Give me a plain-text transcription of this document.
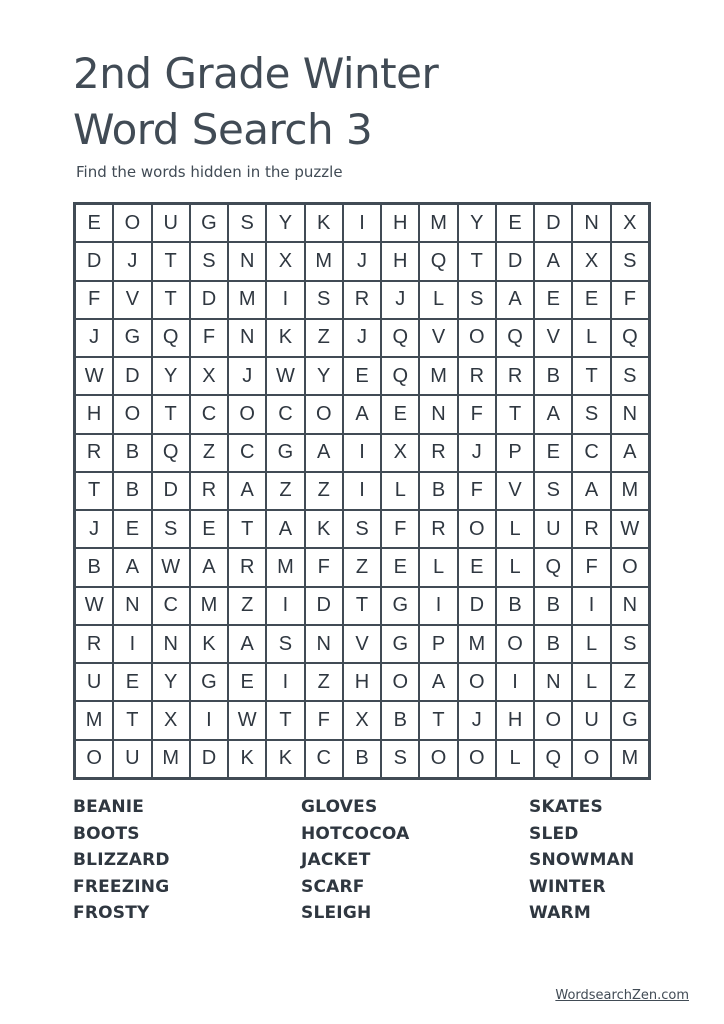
2nd Grade Winter
Word Search 3
Find the words hidden in the puzzle
E	O	U	G	S	Y	K	I	H	M	Y	E	D	N	X
D	J	T	S	N	X	M	J	H	Q	T	D	A	X	S
F	V	T	D	M	I	S	R	J	L	S	A	E	E	F
J	G	Q	F	N	K	Z	J	Q	V	O	Q	V	L	Q
W	D	Y	X	J	W	Y	E	Q	M	R	R	B	T	S
H	O	T	C	O	C	O	A	E	N	F	T	A	S	N
R	B	Q	Z	C	G	A	I	X	R	J	P	E	C	A
T	B	D	R	A	Z	Z	I	L	B	F	V	S	A	M
J	E	S	E	T	A	K	S	F	R	O	L	U	R	W
B	A	W	A	R	M	F	Z	E	L	E	L	Q	F	O
W	N	C	M	Z	I	D	T	G	I	D	B	B	I	N
R	I	N	K	A	S	N	V	G	P	M	O	B	L	S
U	E	Y	G	E	I	Z	H	O	A	O	I	N	L	Z
M	T	X	I	W	T	F	X	B	T	J	H	O	U	G
O	U	M	D	K	K	C	B	S	O	O	L	Q	O	M
BEANIE
BOOTS
BLIZZARD
FREEZING
FROSTY
GLOVES
HOTCOCOA
JACKET
SCARF
SLEIGH
SKATES
SLED
SNOWMAN
WINTER
WARM
WordsearchZen.com
